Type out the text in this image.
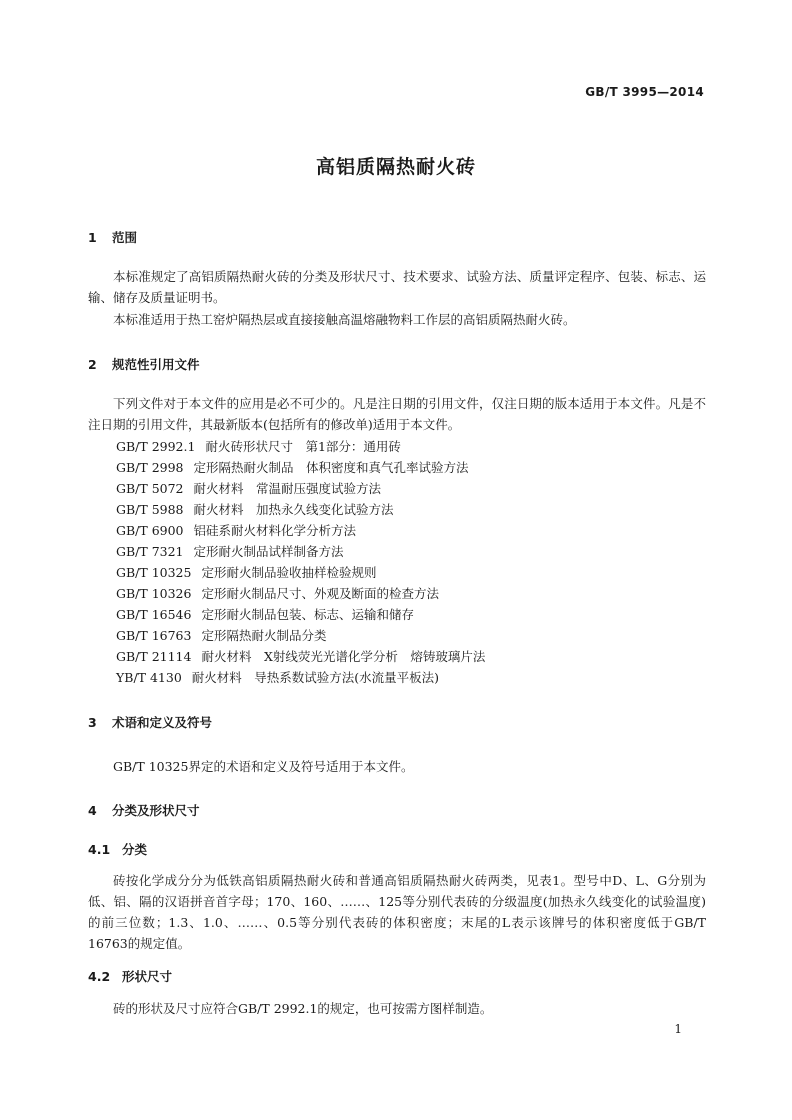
GB/T 3995—2014
高铝质隔热耐火砖
1 范围
本标准规定了高铝质隔热耐火砖的分类及形状尺寸、技术要求、试验方法、质量评定程序、包装、标志、运输、储存及质量证明书。
本标准适用于热工窑炉隔热层或直接接触高温熔融物料工作层的高铝质隔热耐火砖。
2 规范性引用文件
下列文件对于本文件的应用是必不可少的。凡是注日期的引用文件，仅注日期的版本适用于本文件。凡是不注日期的引用文件，其最新版本(包括所有的修改单)适用于本文件。
GB/T 2992.1 耐火砖形状尺寸　第1部分：通用砖
GB/T 2998 定形隔热耐火制品　体积密度和真气孔率试验方法
GB/T 5072 耐火材料　常温耐压强度试验方法
GB/T 5988 耐火材料　加热永久线变化试验方法
GB/T 6900 铝硅系耐火材料化学分析方法
GB/T 7321 定形耐火制品试样制备方法
GB/T 10325 定形耐火制品验收抽样检验规则
GB/T 10326 定形耐火制品尺寸、外观及断面的检查方法
GB/T 16546 定形耐火制品包装、标志、运输和储存
GB/T 16763 定形隔热耐火制品分类
GB/T 21114 耐火材料　X射线荧光光谱化学分析　熔铸玻璃片法
YB/T 4130 耐火材料　导热系数试验方法(水流量平板法)
3 术语和定义及符号
GB/T 10325界定的术语和定义及符号适用于本文件。
4 分类及形状尺寸
4.1 分类
砖按化学成分分为低铁高铝质隔热耐火砖和普通高铝质隔热耐火砖两类，见表1。型号中D、L、G分别为低、铝、隔的汉语拼音首字母；170、160、……、125等分别代表砖的分级温度(加热永久线变化的试验温度)的前三位数；1.3、1.0、……、0.5等分别代表砖的体积密度；末尾的L表示该牌号的体积密度低于GB/T 16763的规定值。
4.2 形状尺寸
砖的形状及尺寸应符合GB/T 2992.1的规定，也可按需方图样制造。
1
